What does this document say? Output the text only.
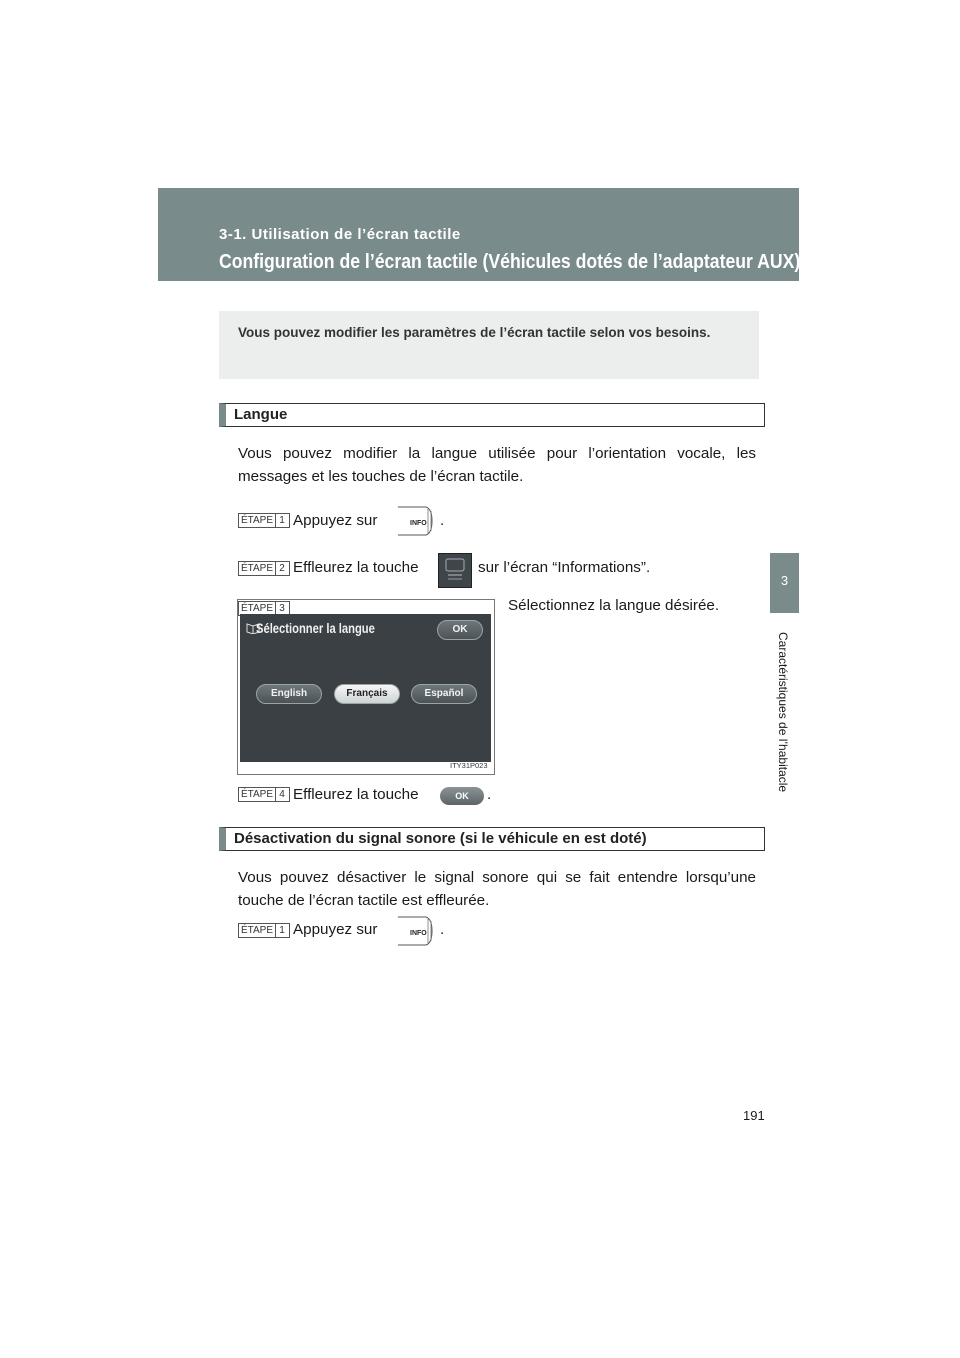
3-1. Utilisation de l’écran tactile
Configuration de l’écran tactile (Véhicules dotés de l’adaptateur AUX)
3
Caractéristiques de l’habitacle
Vous pouvez modifier les paramètres de l’écran tactile selon vos besoins.
Langue
Vous pouvez modifier la langue utilisée pour l’orientation vocale, les messages et les touches de l’écran tactile.
ÉTAPE 1 Appuyez sur	INFO .
ÉTAPE 2 Effleurez la touche	sur l’écran “Informations”.
ÉTAPE 3
Sélectionner la langue	OK
English	Français	Español
ITY31P023
Sélectionnez la langue désirée.
ÉTAPE 4 Effleurez la touche	OK	.
Désactivation du signal sonore (si le véhicule en est doté)
Vous pouvez désactiver le signal sonore qui se fait entendre lorsqu’une touche de l’écran tactile est effleurée.
ÉTAPE 1 Appuyez sur	INFO .
191
